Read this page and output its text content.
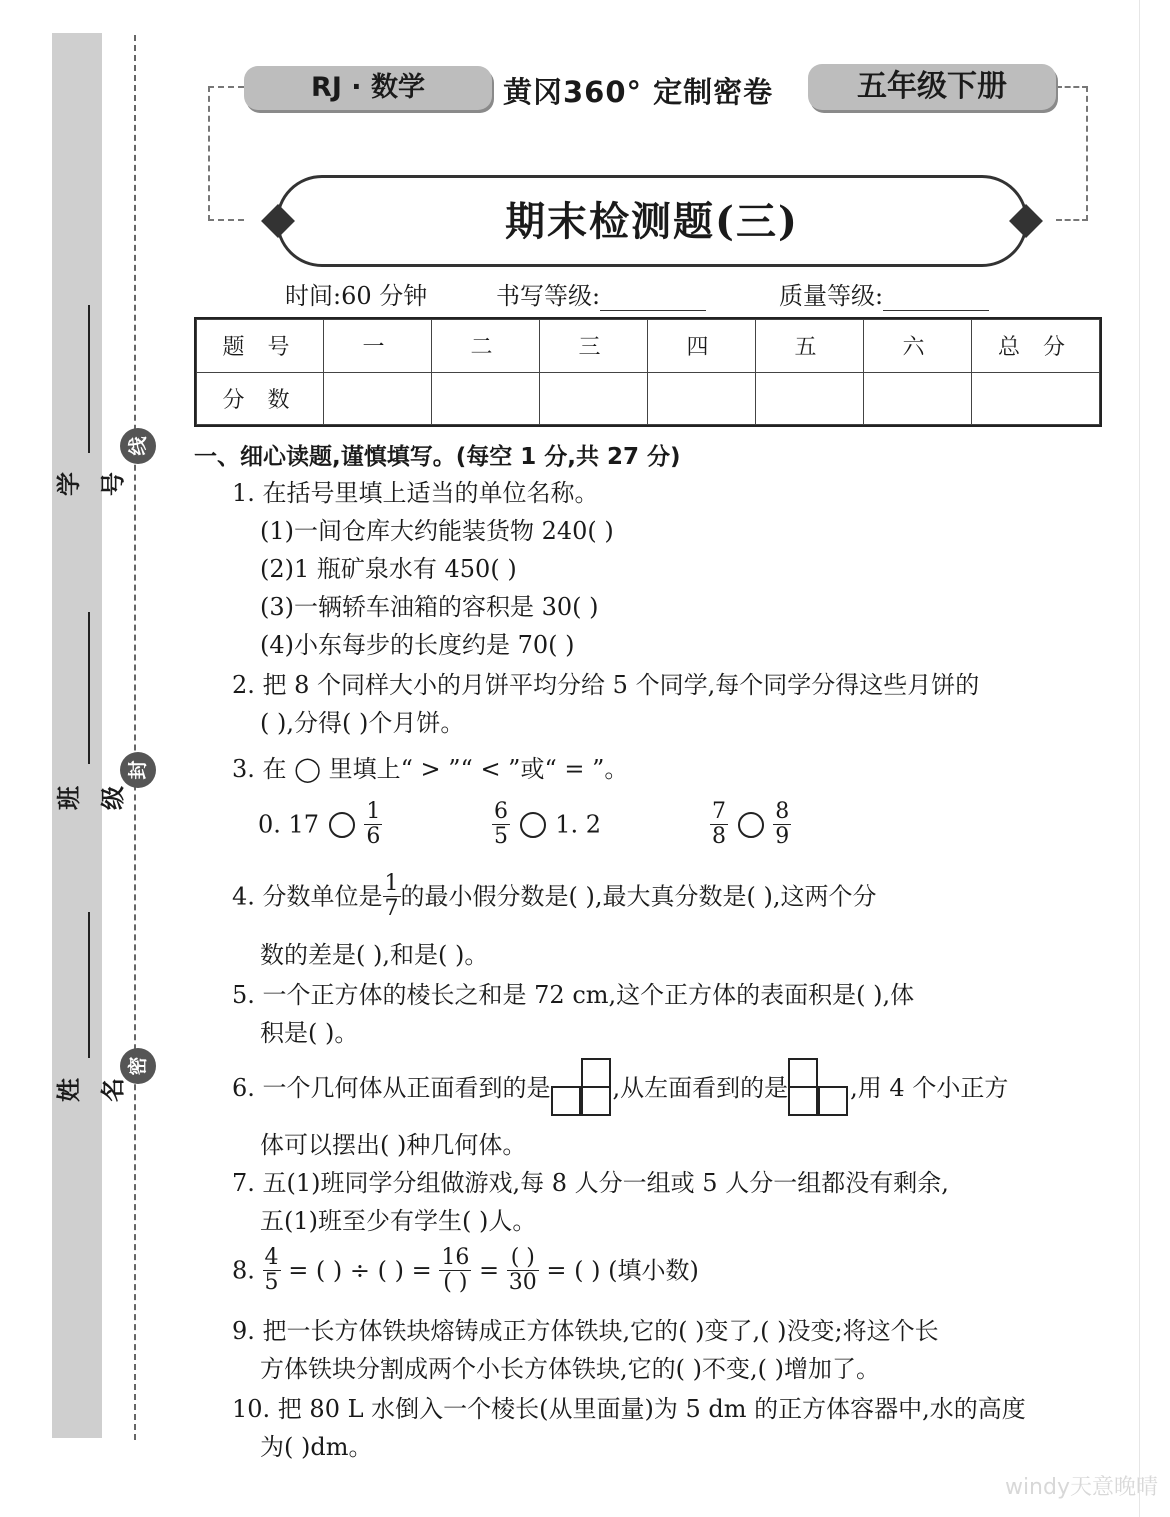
线
封
密
学号
班级
姓名
RJ · 数学	黄冈360° 定制密卷	五年级下册
期末检测题(三)
时间:60 分钟	书写等级:	质量等级:
题 号	一	二	三	四	五	六	总 分
分 数							
一、细心读题,谨慎填写。(每空 1 分,共 27 分)
1. 在括号里填上适当的单位名称。
(1)一间仓库大约能装货物 240( )
(2)1 瓶矿泉水有 450( )
(3)一辆轿车油箱的容积是 30( )
(4)小东每步的长度约是 70( )
2. 把 8 个同样大小的月饼平均分给 5 个同学,每个同学分得这些月饼的
( ),分得( )个月饼。
3. 在 ◯ 里填上“ > ”“ < ”或“ = ”。
0. $17 \frac{1}{6}$	$\frac{6}{5} 1$. 2	$\frac{7}{8}$
$\frac{8}{9}$
4. 分数单位是 $\frac{1}{7}$ 的最小假分数是( ),最大真分数是( ),这两个分
数的差是( ),和是( )。
5. 一个正方体的棱长之和是 72 cm,这个正方体的表面积是( ),体
积是( )。
6. 一个几何体从正面看到的是	,从左面看到的是	,用 4 个小正方
体可以摆出( )种几何体。
7. 五(1)班同学分组做游戏,每 8 人分一组或 5 人分一组都没有剩余,
五(1)班至少有学生( )人。
8. $\frac{4}{5}$ = ( ) ÷ ( ) = $\frac{16}{( )} = \frac{( )}{30}$ = ( ) (填小数)
9. 把一长方体铁块熔铸成正方体铁块,它的( )变了,( )没变;将这个长
方体铁块分割成两个小长方体铁块,它的( )不变,( )增加了。
10. 把 80 L 水倒入一个棱长(从里面量)为 5 dm 的正方体容器中,水的高度
为( )dm。
windy天意晚晴
